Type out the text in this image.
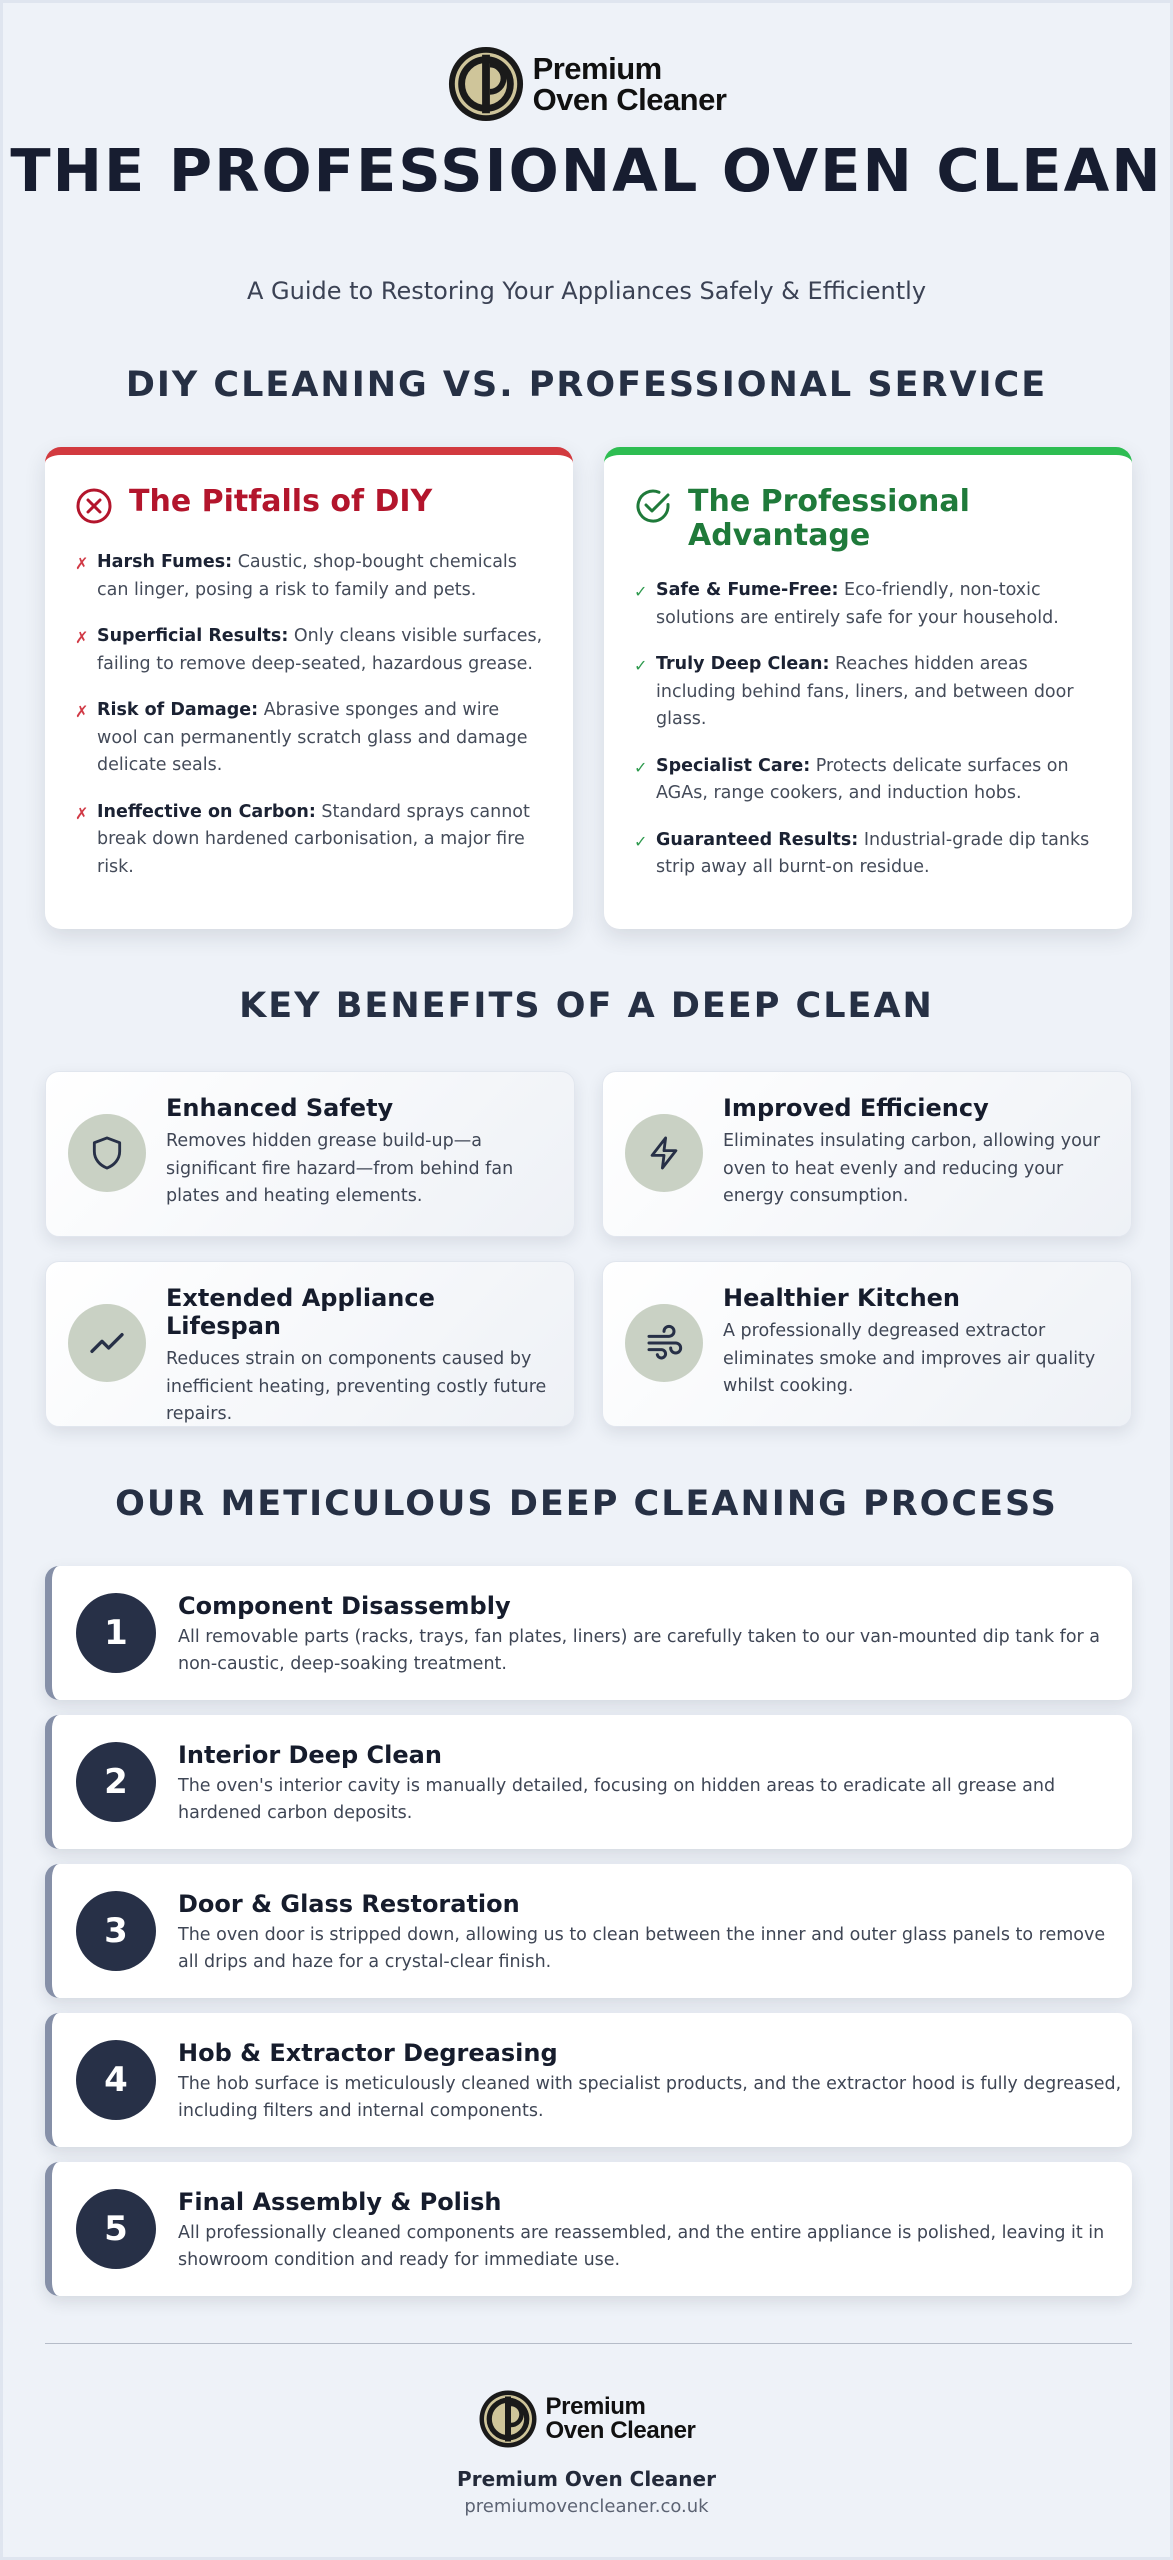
Premium
Oven Cleaner
THE PROFESSIONAL OVEN CLEAN
A Guide to Restoring Your Appliances Safely & Efficiently
DIY CLEANING VS. PROFESSIONAL SERVICE
The Pitfalls of DIY
✗ Harsh Fumes: Caustic, shop-bought chemicals can linger, posing a risk to family and pets.
✗ Superficial Results: Only cleans visible surfaces, failing to remove deep-seated, hazardous grease.
✗ Risk of Damage: Abrasive sponges and wire wool can permanently scratch glass and damage delicate seals.
✗ Ineffective on Carbon: Standard sprays cannot break down hardened carbonisation, a major fire risk.
The Professional Advantage
✓ Safe & Fume-Free: Eco-friendly, non-toxic solutions are entirely safe for your household.
✓ Truly Deep Clean: Reaches hidden areas including behind fans, liners, and between door glass.
✓ Specialist Care: Protects delicate surfaces on AGAs, range cookers, and induction hobs.
✓ Guaranteed Results: Industrial-grade dip tanks strip away all burnt-on residue.
KEY BENEFITS OF A DEEP CLEAN
Enhanced Safety
Removes hidden grease build-up—a significant fire hazard—from behind fan plates and heating elements.
Improved Efficiency
Eliminates insulating carbon, allowing your oven to heat evenly and reducing your energy consumption.
Extended Appliance Lifespan
Reduces strain on components caused by inefficient heating, preventing costly future repairs.
Healthier Kitchen
A professionally degreased extractor eliminates smoke and improves air quality whilst cooking.
OUR METICULOUS DEEP CLEANING PROCESS
1
Component Disassembly
All removable parts (racks, trays, fan plates, liners) are carefully taken to our van-mounted dip tank for a non-caustic, deep-soaking treatment.
2
Interior Deep Clean
The oven's interior cavity is manually detailed, focusing on hidden areas to eradicate all grease and hardened carbon deposits.
3
Door & Glass Restoration
The oven door is stripped down, allowing us to clean between the inner and outer glass panels to remove all drips and haze for a crystal-clear finish.
4
Hob & Extractor Degreasing
The hob surface is meticulously cleaned with specialist products, and the extractor hood is fully degreased, including filters and internal components.
5
Final Assembly & Polish
All professionally cleaned components are reassembled, and the entire appliance is polished, leaving it in showroom condition and ready for immediate use.
Premium
Oven Cleaner
Premium Oven Cleaner
premiumovencleaner.co.uk
